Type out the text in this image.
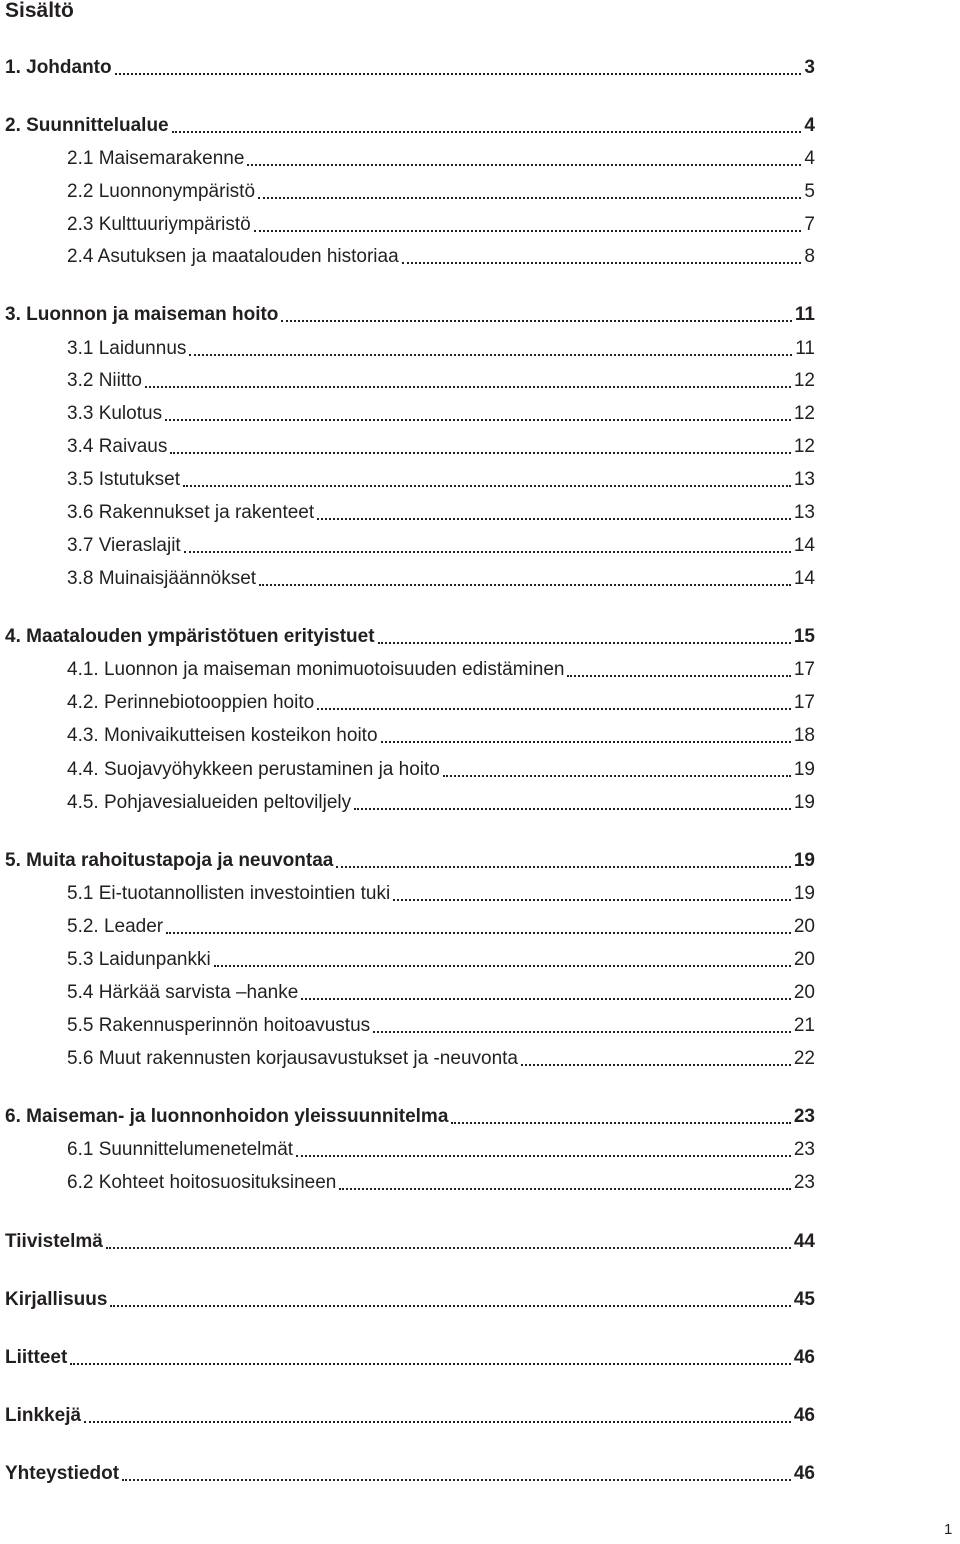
Sisältö
1. Johdanto	3
2. Suunnittelualue	4
2.1 Maisemarakenne	4
2.2 Luonnonympäristö	5
2.3 Kulttuuriympäristö	7
2.4 Asutuksen ja maatalouden historiaa	8
3. Luonnon ja maiseman hoito	11
3.1 Laidunnus	11
3.2 Niitto	12
3.3 Kulotus	12
3.4 Raivaus	12
3.5 Istutukset	13
3.6 Rakennukset ja rakenteet	13
3.7 Vieraslajit	14
3.8 Muinaisjäännökset	14
4. Maatalouden ympäristötuen erityistuet	15
4.1. Luonnon ja maiseman monimuotoisuuden edistäminen	17
4.2. Perinnebiotooppien hoito	17
4.3. Monivaikutteisen kosteikon hoito	18
4.4. Suojavyöhykkeen perustaminen ja hoito	19
4.5. Pohjavesialueiden peltoviljely	19
5. Muita rahoitustapoja ja neuvontaa	19
5.1 Ei-tuotannollisten investointien tuki	19
5.2. Leader	20
5.3 Laidunpankki	20
5.4 Härkää sarvista –hanke	20
5.5 Rakennusperinnön hoitoavustus	21
5.6 Muut rakennusten korjausavustukset ja -neuvonta	22
6. Maiseman- ja luonnonhoidon yleissuunnitelma	23
6.1 Suunnittelumenetelmät	23
6.2 Kohteet hoitosuosituksineen	23
Tiivistelmä	44
Kirjallisuus	45
Liitteet	46
Linkkejä	46
Yhteystiedot	46
1
